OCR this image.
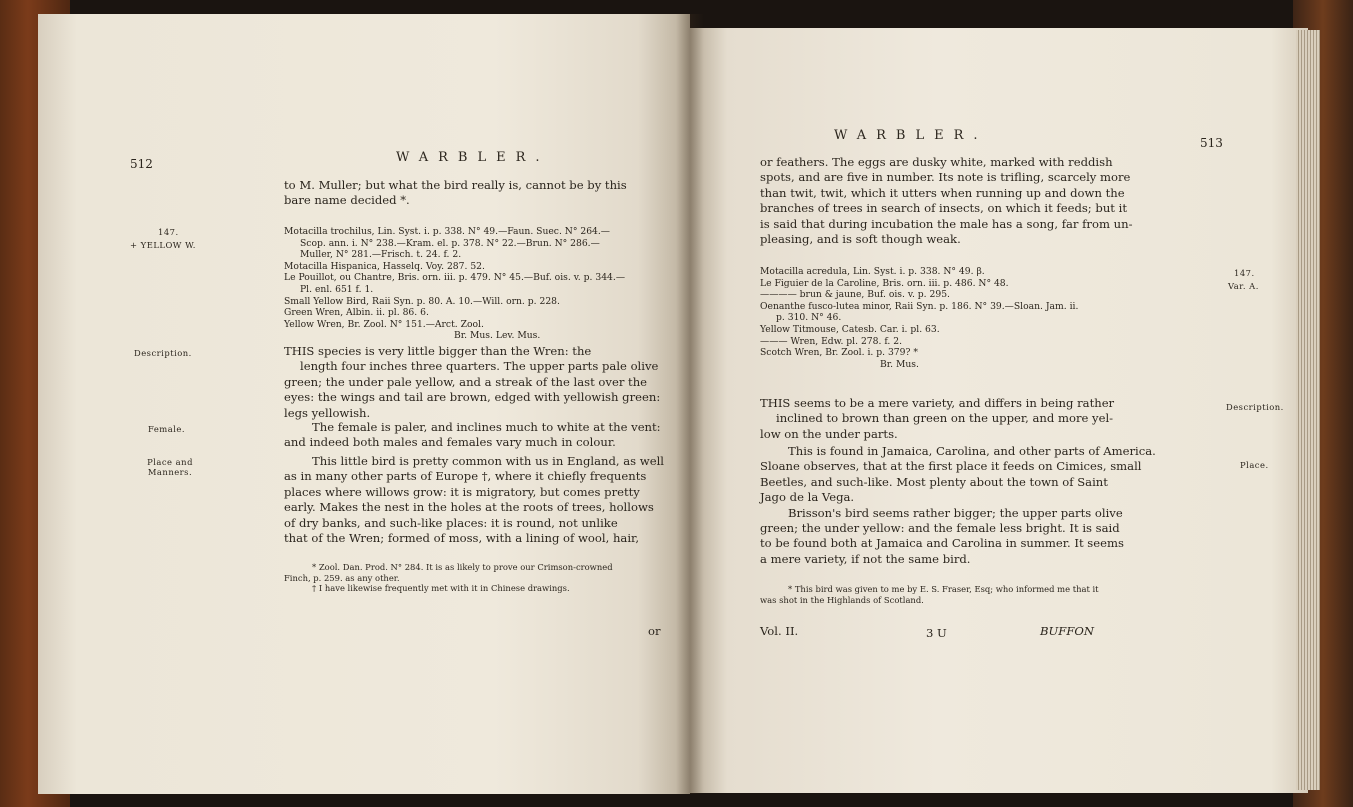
512	WARBLER.
to M. Muller; but what the bird really is, cannot be by this
bare name decided *.
147.
+ YELLOW W.
Motacilla trochilus, Lin. Syst. i. p. 338. N° 49.—Faun. Suec. N° 264.—
Scop. ann. i. N° 238.—Kram. el. p. 378. N° 22.—Brun. N° 286.—
Muller, N° 281.—Frisch. t. 24. f. 2.
Motacilla Hispanica, Hasselq. Voy. 287. 52.
Le Pouillot, ou Chantre, Bris. orn. iii. p. 479. N° 45.—Buf. ois. v. p. 344.—
Pl. enl. 651 f. 1.
Small Yellow Bird, Raii Syn. p. 80. A. 10.—Will. orn. p. 228.
Green Wren, Albin. ii. pl. 86. 6.
Yellow Wren, Br. Zool. N° 151.—Arct. Zool.
Br. Mus. Lev. Mus.
Description.	THIS species is very little bigger than the Wren: the
length four inches three quarters. The upper parts pale olive
green; the under pale yellow, and a streak of the last over the
eyes: the wings and tail are brown, edged with yellowish green:
legs yellowish.
Female.	The female is paler, and inclines much to white at the vent:
and indeed both males and females vary much in colour.
Place and Manners.
This little bird is pretty common with us in England, as well
as in many other parts of Europe †, where it chiefly frequents
places where willows grow: it is migratory, but comes pretty
early. Makes the nest in the holes at the roots of trees, hollows
of dry banks, and such-like places: it is round, not unlike
that of the Wren; formed of moss, with a lining of wool, hair,
* Zool. Dan. Prod. N° 284. It is as likely to prove our Crimson-crowned
Finch, p. 259. as any other.
† I have likewise frequently met with it in Chinese drawings.
or
513
WARBLER.
or feathers. The eggs are dusky white, marked with reddish
spots, and are five in number. Its note is trifling, scarcely more
than twit, twit, which it utters when running up and down the
branches of trees in search of insects, on which it feeds; but it
is said that during incubation the male has a song, far from un-
pleasing, and is soft though weak.
147.
Var. A.
Motacilla acredula, Lin. Syst. i. p. 338. N° 49. β.
Le Figuier de la Caroline, Bris. orn. iii. p. 486. N° 48.
———— brun & jaune, Buf. ois. v. p. 295.
Oenanthe fusco-lutea minor, Raii Syn. p. 186. N° 39.—Sloan. Jam. ii.
p. 310. N° 46.
Yellow Titmouse, Catesb. Car. i. pl. 63.
——— Wren, Edw. pl. 278. f. 2.
Scotch Wren, Br. Zool. i. p. 379? *
Br. Mus.
Description.
THIS seems to be a mere variety, and differs in being rather
inclined to brown than green on the upper, and more yel-
low on the under parts.
Place.
This is found in Jamaica, Carolina, and other parts of America.
Sloane observes, that at the first place it feeds on Cimices, small
Beetles, and such-like. Most plenty about the town of Saint
Jago de la Vega.
Brisson's bird seems rather bigger; the upper parts olive
green; the under yellow: and the female less bright. It is said
to be found both at Jamaica and Carolina in summer. It seems
a mere variety, if not the same bird.
* This bird was given to me by E. S. Fraser, Esq; who informed me that it
was shot in the Highlands of Scotland.
Vol. II.	3 U	BUFFON
